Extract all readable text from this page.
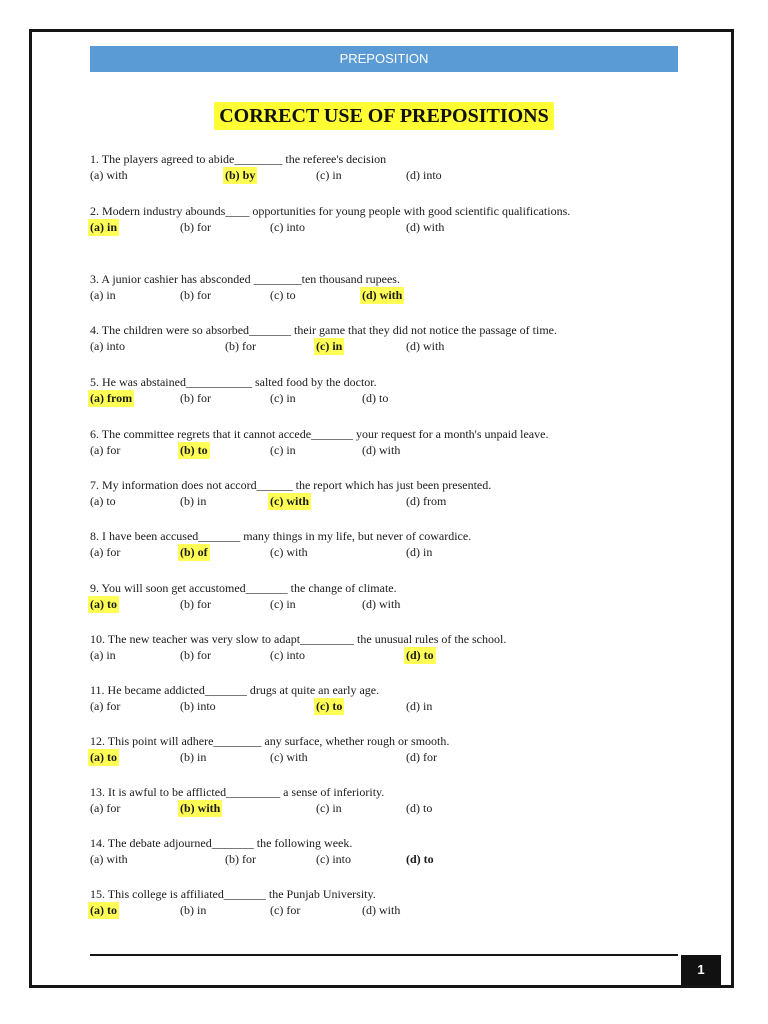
PREPOSITION
CORRECT USE OF PREPOSITIONS
1. The players agreed to abide________ the referee's decision
(a) with	(b) by	(c) in	(d) into
2. Modern industry abounds____ opportunities for young people with good scientific qualifications.
(a) in	(b) for	(c) into	(d) with
3. A junior cashier has absconded ________ten thousand rupees.
(a) in	(b) for	(c) to	(d) with
4. The children were so absorbed_______ their game that they did not notice the passage of time.
(a) into	(b) for	(c) in	(d) with
5. He was abstained___________ salted food by the doctor.
(a) from	(b) for	(c) in	(d) to
6. The committee regrets that it cannot accede_______ your request for a month's unpaid leave.
(a) for	(b) to	(c) in	(d) with
7. My information does not accord______ the report which has just been presented.
(a) to	(b) in	(c) with	(d) from
8. I have been accused_______ many things in my life, but never of cowardice.
(a) for	(b) of	(c) with	(d) in
9. You will soon get accustomed_______ the change of climate.
(a) to	(b) for	(c) in	(d) with
10. The new teacher was very slow to adapt_________ the unusual rules of the school.
(a) in	(b) for	(c) into	(d) to
11. He became addicted_______ drugs at quite an early age.
(a) for	(b) into	(c) to	(d) in
12. This point will adhere________ any surface, whether rough or smooth.
(a) to	(b) in	(c) with	(d) for
13. It is awful to be afflicted_________ a sense of inferiority.
(a) for	(b) with	(c) in	(d) to
14. The debate adjourned_______ the following week.
(a) with	(b) for	(c) into	(d) to
15. This college is affiliated_______ the Punjab University.
(a) to	(b) in	(c) for	(d) with
1
